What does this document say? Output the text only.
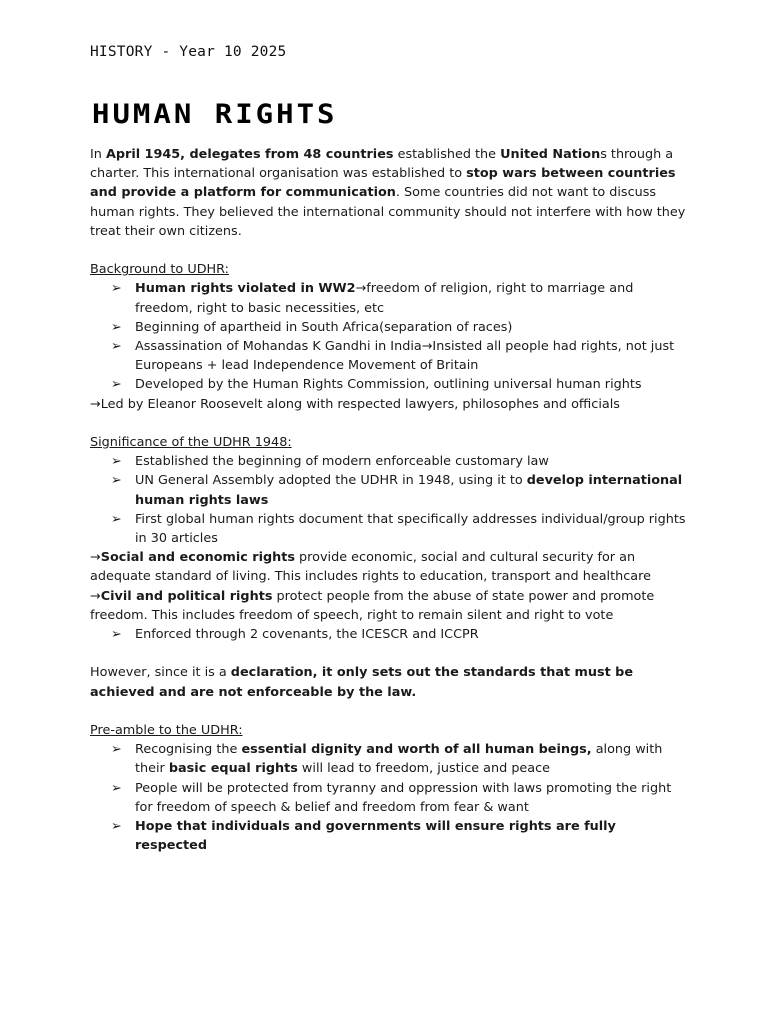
HISTORY - Year 10 2025
HUMAN RIGHTS

In April 1945, delegates from 48 countries established the United Nations through a charter. This international organisation was established to stop wars between countries and provide a platform for communication. Some countries did not want to discuss human rights. They believed the international community should not interfere with how they treat their own citizens.

Background to UDHR:

➢ Human rights violated in WW2→freedom of religion, right to marriage and freedom, right to basic necessities, etc
➢ Beginning of apartheid in South Africa(separation of races)
➢ Assassination of Mohandas K Gandhi in India→Insisted all people had rights, not just Europeans + lead Independence Movement of Britain
➢ Developed by the Human Rights Commission, outlining universal human rights

→Led by Eleanor Roosevelt along with respected lawyers, philosophes and officials

Significance of the UDHR 1948:

➢ Established the beginning of modern enforceable customary law
➢ UN General Assembly adopted the UDHR in 1948, using it to develop international human rights laws
➢ First global human rights document that specifically addresses individual/group rights in 30 articles

→Social and economic rights provide economic, social and cultural security for an adequate standard of living. This includes rights to education, transport and healthcare

→Civil and political rights protect people from the abuse of state power and promote freedom. This includes freedom of speech, right to remain silent and right to vote

➢ Enforced through 2 covenants, the ICESCR and ICCPR

However, since it is a declaration, it only sets out the standards that must be achieved and are not enforceable by the law.

Pre-amble to the UDHR:

➢ Recognising the essential dignity and worth of all human beings, along with their basic equal rights will lead to freedom, justice and peace
➢ People will be protected from tyranny and oppression with laws promoting the right for freedom of speech & belief and freedom from fear & want
➢ Hope that individuals and governments will ensure rights are fully respected
